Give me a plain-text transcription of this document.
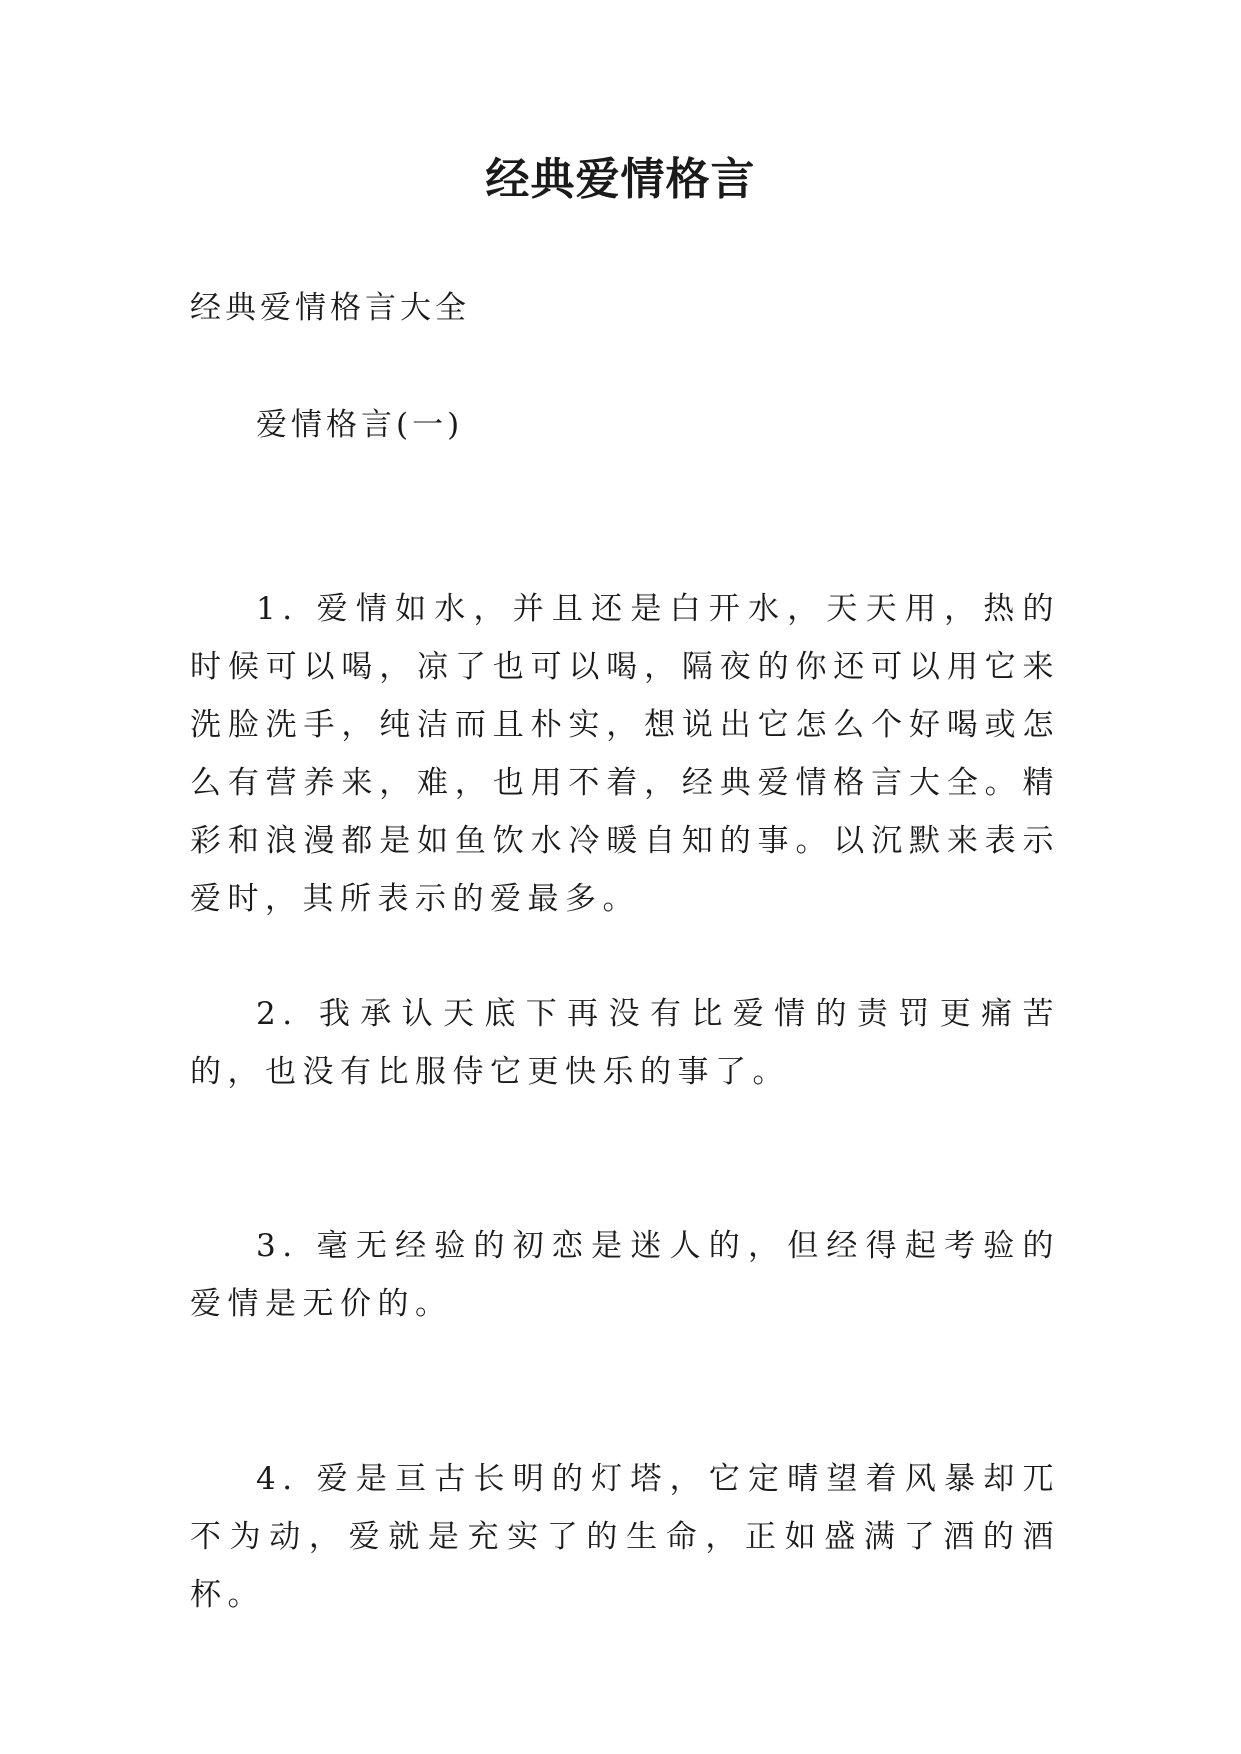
经典爱情格言

经典爱情格言大全

爱情格言(一)

1. 爱情如水，并且还是白开水，天天用，热的时候可以喝，凉了也可以喝，隔夜的你还可以用它来洗脸洗手，纯洁而且朴实，想说出它怎么个好喝或怎么有营养来，难，也用不着，经典爱情格言大全。精彩和浪漫都是如鱼饮水冷暖自知的事。以沉默来表示爱时，其所表示的爱最多。

2. 我承认天底下再没有比爱情的责罚更痛苦的，也没有比服侍它更快乐的事了。

3. 毫无经验的初恋是迷人的，但经得起考验的爱情是无价的。

4. 爱是亘古长明的灯塔，它定晴望着风暴却兀不为动，爱就是充实了的生命，正如盛满了酒的酒杯。
